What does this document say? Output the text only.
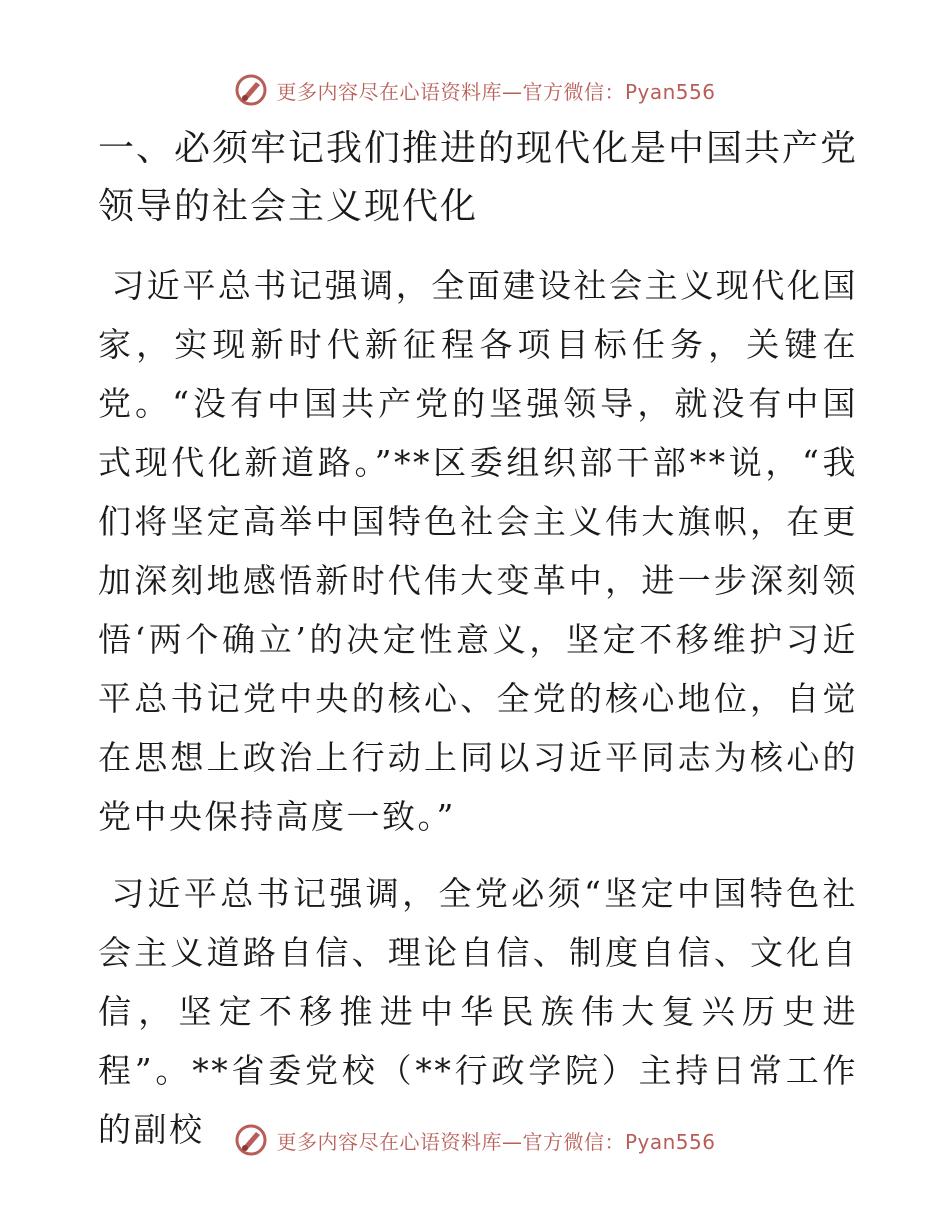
更多内容尽在心语资料库—官方微信：Pyan556
一、必须牢记我们推进的现代化是中国共产党领导的社会主义现代化

习近平总书记强调，全面建设社会主义现代化国家，实现新时代新征程各项目标任务，关键在党。“没有中国共产党的坚强领导，就没有中国式现代化新道路。”**区委组织部干部**说，“我们将坚定高举中国特色社会主义伟大旗帜，在更加深刻地感悟新时代伟大变革中，进一步深刻领悟‘两个确立’的决定性意义，坚定不移维护习近平总书记党中央的核心、全党的核心地位，自觉在思想上政治上行动上同以习近平同志为核心的党中央保持高度一致。”

习近平总书记强调，全党必须“坚定中国特色社会主义道路自信、理论自信、制度自信、文化自信，坚定不移推进中华民族伟大复兴历史进程”。**省委党校（**行政学院）主持日常工作的副校	更多内容尽在心语资料库—官方微信：Pyan556
